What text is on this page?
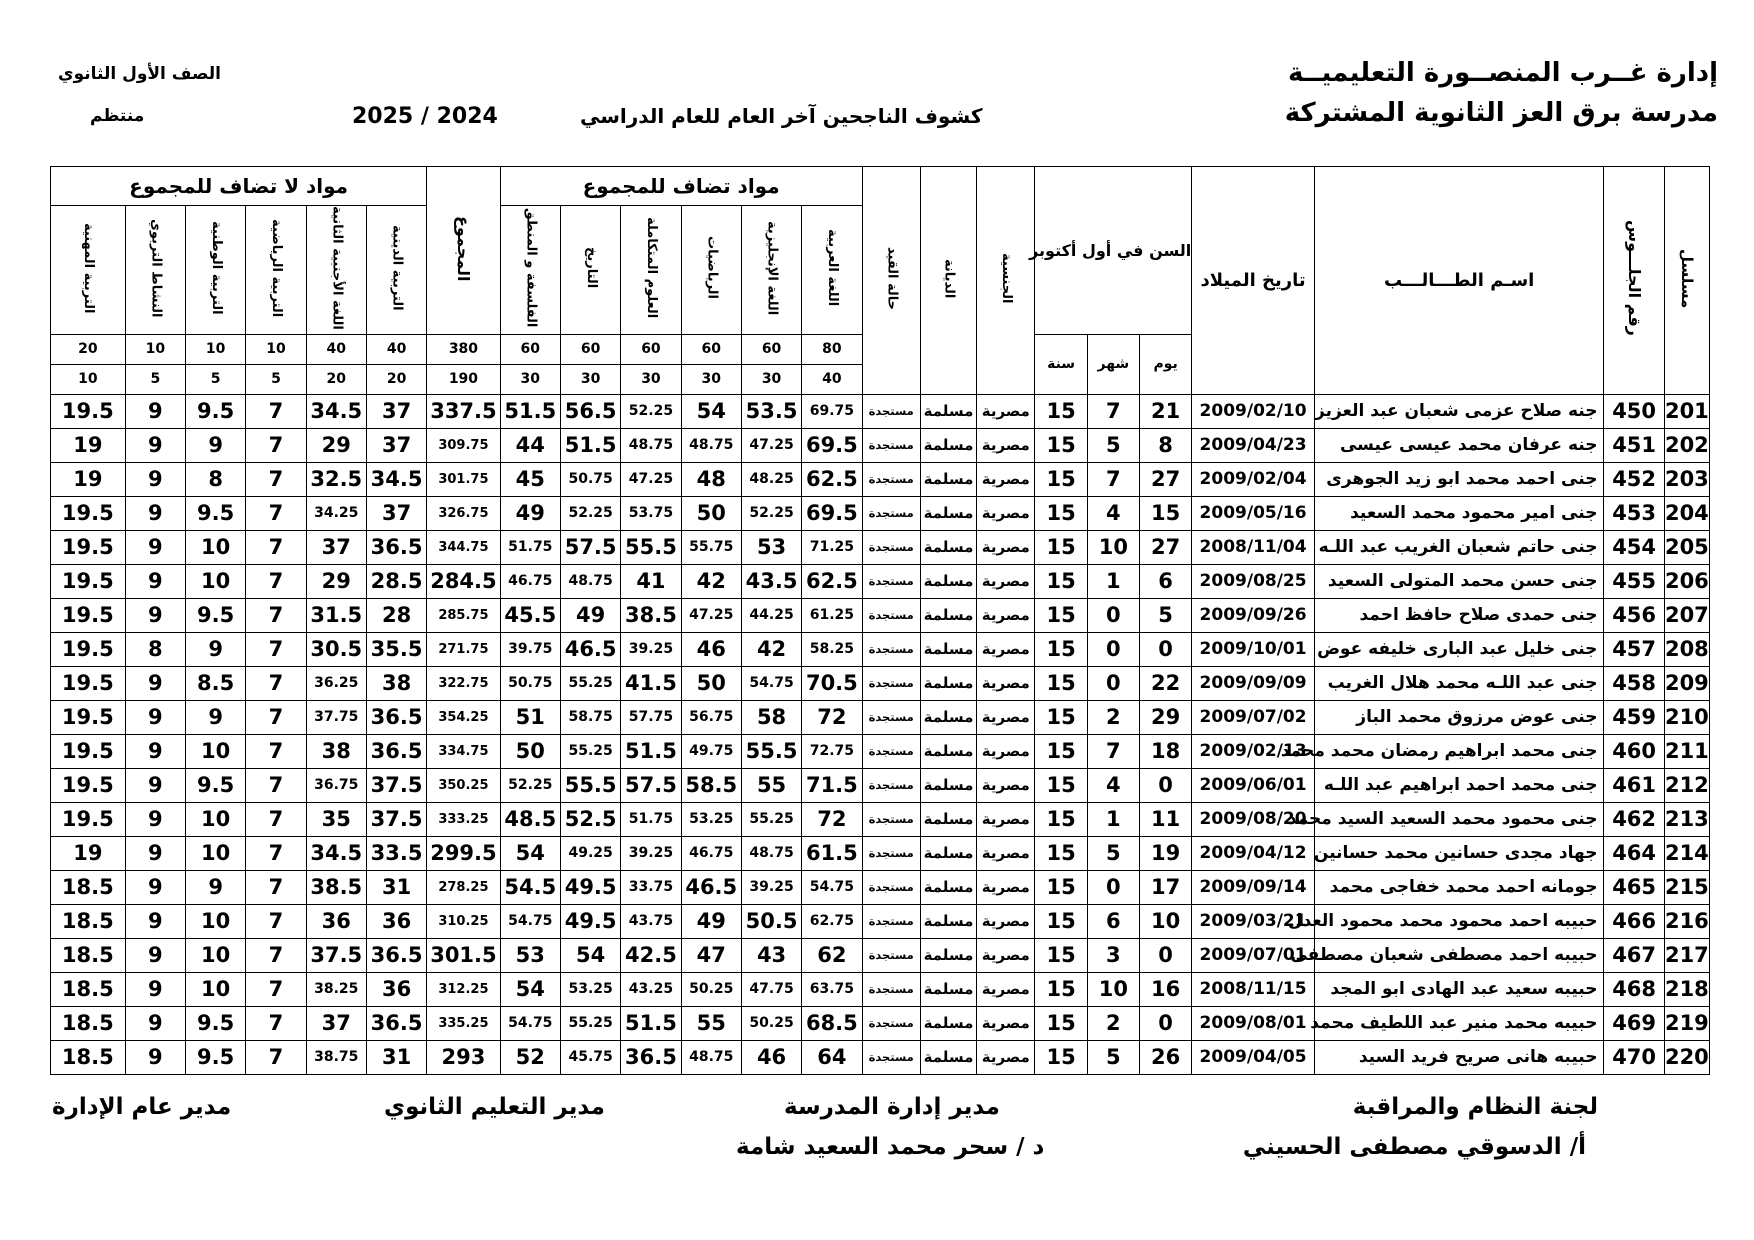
إدارة غــرب المنصــورة التعليميــة
مدرسة برق العز الثانوية المشتركة
كشوف الناجحين آخر العام للعام الدراسي
2025 / 2024
الصف الأول الثانوي
منتظم
مسلسل	رقم الجلـــوس	اسـم الطـــالـــب	تاريخ الميلاد	السن في أول أكتوبر			الجنسية	الديانة	حالة القيد	مواد تضاف للمجموع						المجموع	مواد لا تضاف للمجموع					
										اللغة العربية	اللغة الإنجليزية	الرياضيات	العلوم المتكاملة	التاريخ	الفلسفة و المنطق		التربية الدينية	اللغة الأجنبية الثانية	التربية الرياضية	التربية الوطنية	النشاط التربوي	التربية المهنية
				يوم	شهر	سنة				80	60	60	60	60	60	380	40	40	10	10	10	20
										40	30	30	30	30	30	190	20	20	5	5	5	10
201	450	جنه صلاح عزمى شعبان عبد العزيز	2009/02/10	21	7	15	مصرية	مسلمة	مستجدة	69.75	53.5	54	52.25	56.5	51.5	337.5	37	34.5	7	9.5	9	19.5
202	451	جنه عرفان محمد عيسى عيسى	2009/04/23	8	5	15	مصرية	مسلمة	مستجدة	69.5	47.25	48.75	48.75	51.5	44	309.75	37	29	7	9	9	19
203	452	جنى احمد محمد ابو زيد الجوهرى	2009/02/04	27	7	15	مصرية	مسلمة	مستجدة	62.5	48.25	48	47.25	50.75	45	301.75	34.5	32.5	7	8	9	19
204	453	جنى امير محمود محمد السعيد	2009/05/16	15	4	15	مصرية	مسلمة	مستجدة	69.5	52.25	50	53.75	52.25	49	326.75	37	34.25	7	9.5	9	19.5
205	454	جنى حاتم شعبان الغريب عبد اللـه	2008/11/04	27	10	15	مصرية	مسلمة	مستجدة	71.25	53	55.75	55.5	57.5	51.75	344.75	36.5	37	7	10	9	19.5
206	455	جنى حسن محمد المتولى السعيد	2009/08/25	6	1	15	مصرية	مسلمة	مستجدة	62.5	43.5	42	41	48.75	46.75	284.5	28.5	29	7	10	9	19.5
207	456	جنى حمدى صلاح حافظ احمد	2009/09/26	5	0	15	مصرية	مسلمة	مستجدة	61.25	44.25	47.25	38.5	49	45.5	285.75	28	31.5	7	9.5	9	19.5
208	457	جنى خليل عبد البارى خليفه عوض	2009/10/01	0	0	15	مصرية	مسلمة	مستجدة	58.25	42	46	39.25	46.5	39.75	271.75	35.5	30.5	7	9	8	19.5
209	458	جنى عبد اللـه محمد هلال الغريب	2009/09/09	22	0	15	مصرية	مسلمة	مستجدة	70.5	54.75	50	41.5	55.25	50.75	322.75	38	36.25	7	8.5	9	19.5
210	459	جنى عوض مرزوق محمد الباز	2009/07/02	29	2	15	مصرية	مسلمة	مستجدة	72	58	56.75	57.75	58.75	51	354.25	36.5	37.75	7	9	9	19.5
211	460	جنى محمد ابراهيم رمضان محمد محمد	2009/02/13	18	7	15	مصرية	مسلمة	مستجدة	72.75	55.5	49.75	51.5	55.25	50	334.75	36.5	38	7	10	9	19.5
212	461	جنى محمد احمد ابراهيم عبد اللـه	2009/06/01	0	4	15	مصرية	مسلمة	مستجدة	71.5	55	58.5	57.5	55.5	52.25	350.25	37.5	36.75	7	9.5	9	19.5
213	462	جنى محمود محمد السعيد السيد محمد	2009/08/20	11	1	15	مصرية	مسلمة	مستجدة	72	55.25	53.25	51.75	52.5	48.5	333.25	37.5	35	7	10	9	19.5
214	464	جهاد مجدى حسانين محمد حسانين	2009/04/12	19	5	15	مصرية	مسلمة	مستجدة	61.5	48.75	46.75	39.25	49.25	54	299.5	33.5	34.5	7	10	9	19
215	465	جومانه احمد محمد خفاجى محمد	2009/09/14	17	0	15	مصرية	مسلمة	مستجدة	54.75	39.25	46.5	33.75	49.5	54.5	278.25	31	38.5	7	9	9	18.5
216	466	حبيبه احمد محمود محمد محمود العدل	2009/03/21	10	6	15	مصرية	مسلمة	مستجدة	62.75	50.5	49	43.75	49.5	54.75	310.25	36	36	7	10	9	18.5
217	467	حبيبه احمد مصطفى شعبان مصطفى	2009/07/01	0	3	15	مصرية	مسلمة	مستجدة	62	43	47	42.5	54	53	301.5	36.5	37.5	7	10	9	18.5
218	468	حبيبه سعيد عبد الهادى ابو المجد	2008/11/15	16	10	15	مصرية	مسلمة	مستجدة	63.75	47.75	50.25	43.25	53.25	54	312.25	36	38.25	7	10	9	18.5
219	469	حبيبه محمد منير عبد اللطيف محمد	2009/08/01	0	2	15	مصرية	مسلمة	مستجدة	68.5	50.25	55	51.5	55.25	54.75	335.25	36.5	37	7	9.5	9	18.5
220	470	حبيبه هانى صريح فريد السيد	2009/04/05	26	5	15	مصرية	مسلمة	مستجدة	64	46	48.75	36.5	45.75	52	293	31	38.75	7	9.5	9	18.5
لجنة النظام والمراقبة
أ/ الدسوقي مصطفى الحسيني
مدير إدارة المدرسة
د / سحر محمد السعيد شامة
مدير التعليم الثانوي
مدير عام الإدارة
